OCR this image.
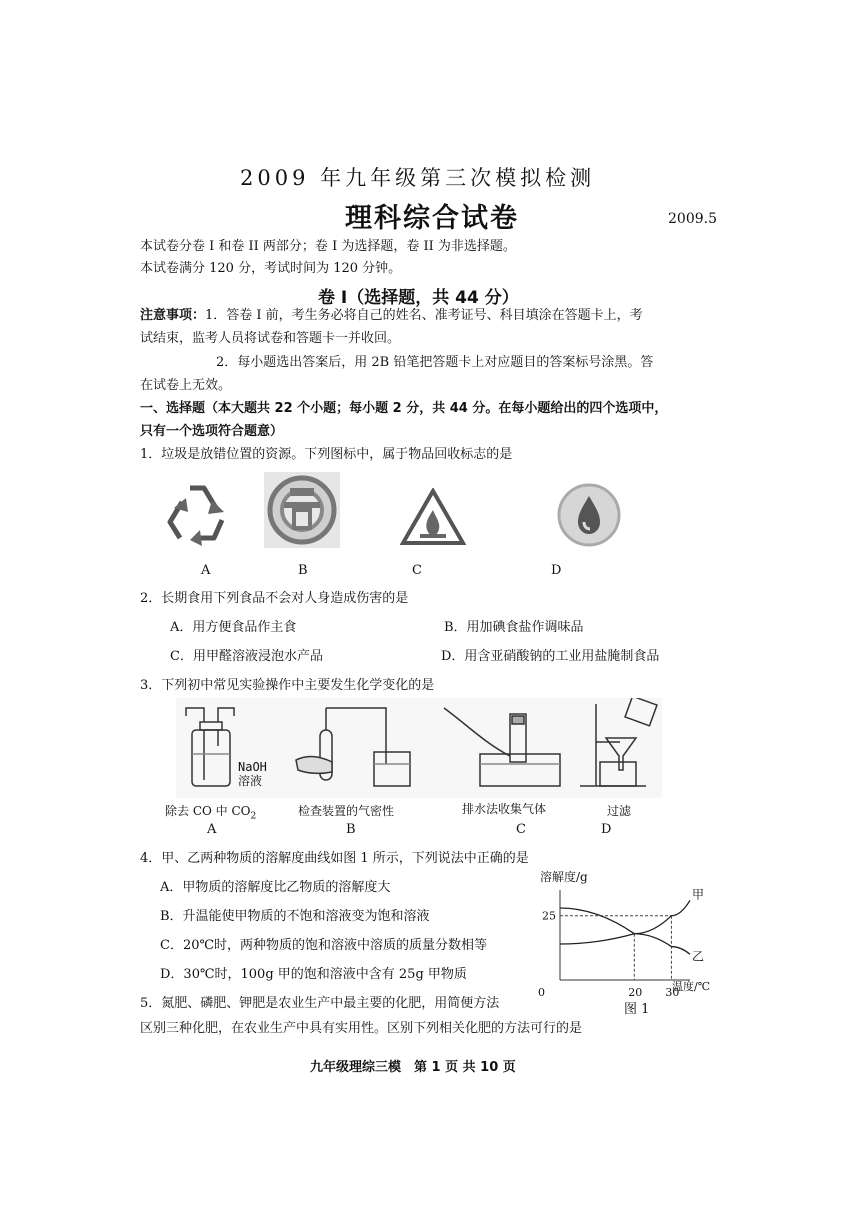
2009 年九年级第三次模拟检测
理科综合试卷	2009.5
本试卷分卷 I 和卷 II 两部分；卷 I 为选择题，卷 II 为非选择题。
本试卷满分 120 分，考试时间为 120 分钟。
卷 I（选择题，共 44 分）
注意事项：1．答卷 I 前，考生务必将自己的姓名、准考证号、科目填涂在答题卡上，考
试结束，监考人员将试卷和答题卡一并收回。
2．每小题选出答案后，用 2B 铅笔把答题卡上对应题目的答案标号涂黑。答
在试卷上无效。
一、选择题（本大题共 22 个小题；每小题 2 分，共 44 分。在每小题给出的四个选项中，
只有一个选项符合题意）
1．垃圾是放错位置的资源。下列图标中，属于物品回收标志的是
A	B	C	D
2．长期食用下列食品不会对人身造成伤害的是
A．用方便食品作主食	B．用加碘食盐作调味品
C．用甲醛溶液浸泡水产品	D．用含亚硝酸钠的工业用盐腌制食品
3．下列初中常见实验操作中主要发生化学变化的是
NaOH
溶液
除去 CO 中 $CO_2$	检查装置的气密性	排水法收集气体	过滤
A	B	C	D
4．甲、乙两种物质的溶解度曲线如图 1 所示，下列说法中正确的是
A．甲物质的溶解度比乙物质的溶解度大
B．升温能使甲物质的不饱和溶液变为饱和溶液
C．20℃时，两种物质的饱和溶液中溶质的质量分数相等
D．30℃时，100g 甲的饱和溶液中含有 25g 甲物质
溶解度/g
甲
乙
0	20 30
25
温度/℃
图 1
5．氮肥、磷肥、钾肥是农业生产中最主要的化肥，用简便方法
区别三种化肥，在农业生产中具有实用性。区别下列相关化肥的方法可行的是
九年级理综三模　第 1 页 共 10 页
